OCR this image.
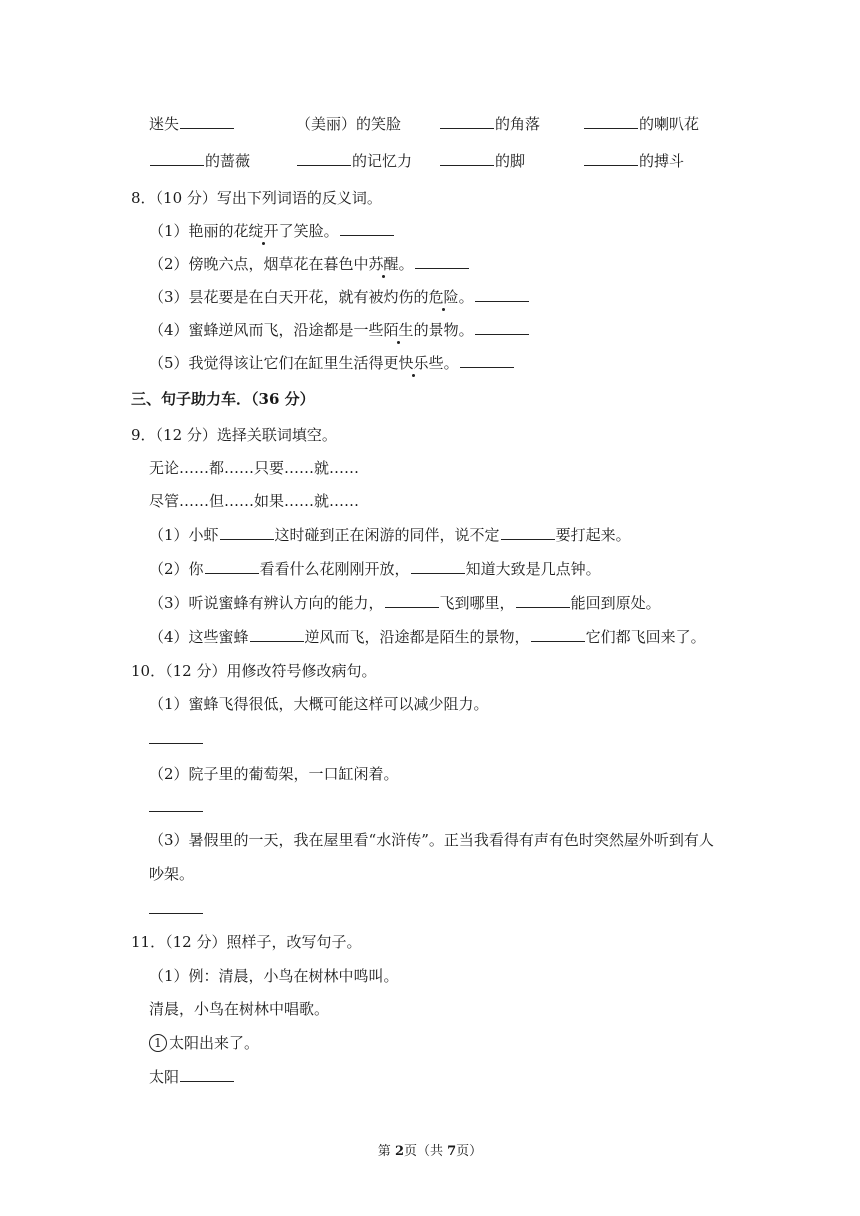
迷失	（美丽）的笑脸	的角落	的喇叭花
的蔷薇	的记忆力	的脚	的搏斗
8．（10 分）写出下列词语的反义词。
（1）艳丽的花绽开了笑脸。
（2）傍晚六点，烟草花在暮色中苏醒。
（3）昙花要是在白天开花，就有被灼伤的危险。
（4）蜜蜂逆风而飞，沿途都是一些陌生的景物。
（5）我觉得该让它们在缸里生活得更快乐些。
三、句子助力车．（36 分）
9．（12 分）选择关联词填空。
无论……都……只要……就……
尽管……但……如果……就……
（1）小虾	这时碰到正在闲游的同伴，说不定	要打起来。
（2）你	看看什么花刚刚开放，	知道大致是几点钟。
（3）听说蜜蜂有辨认方向的能力，	飞到哪里，	能回到原处。
（4）这些蜜蜂	逆风而飞，沿途都是陌生的景物，	它们都飞回来了。
10．（12 分）用修改符号修改病句。
（1）蜜蜂飞得很低，大概可能这样可以减少阻力。
（2）院子里的葡萄架，一口缸闲着。
（3）暑假里的一天，我在屋里看“水浒传”。正当我看得有声有色时突然屋外听到有人
吵架。
11．（12 分）照样子，改写句子。
（1）例：清晨，小鸟在树林中鸣叫。
清晨，小鸟在树林中唱歌。
1 太阳出来了。
太阳
第 2页（共 7页）
